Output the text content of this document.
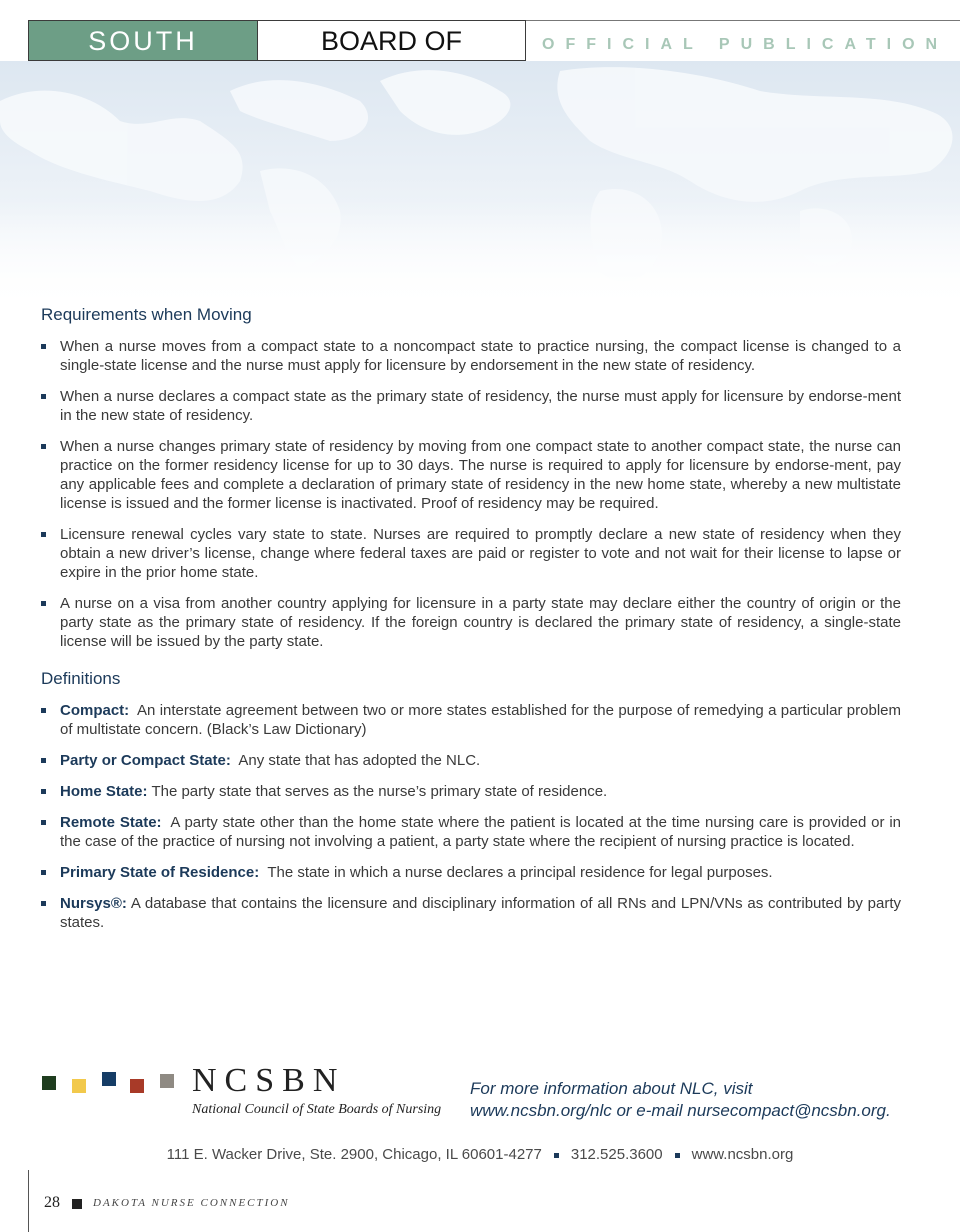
SOUTH	BOARD OF	OFFICIAL PUBLICATION
Requirements when Moving
When a nurse moves from a compact state to a noncompact state to practice nursing, the compact license is changed to a single-state license and the nurse must apply for licensure by endorsement in the new state of residency.
When a nurse declares a compact state as the primary state of residency, the nurse must apply for licensure by endorse-ment in the new state of residency.
When a nurse changes primary state of residency by moving from one compact state to another compact state, the nurse can practice on the former residency license for up to 30 days. The nurse is required to apply for licensure by endorse-ment, pay any applicable fees and complete a declaration of primary state of residency in the new home state, whereby a new multistate license is issued and the former license is inactivated. Proof of residency may be required.
Licensure renewal cycles vary state to state. Nurses are required to promptly declare a new state of residency when they obtain a new driver’s license, change where federal taxes are paid or register to vote and not wait for their license to lapse or expire in the prior home state.
A nurse on a visa from another country applying for licensure in a party state may declare either the country of origin or the party state as the primary state of residency. If the foreign country is declared the primary state of residency, a single-state license will be issued by the party state.
Definitions
Compact: An interstate agreement between two or more states established for the purpose of remedying a particular problem of multistate concern. (Black’s Law Dictionary)
Party or Compact State: Any state that has adopted the NLC.
Home State: The party state that serves as the nurse’s primary state of residence.
Remote State: A party state other than the home state where the patient is located at the time nursing care is provided or in the case of the practice of nursing not involving a patient, a party state where the recipient of nursing practice is located.
Primary State of Residence: The state in which a nurse declares a principal residence for legal purposes.
Nursys®: A database that contains the licensure and disciplinary information of all RNs and LPN/VNs as contributed by party states.
NCSBN
National Council of State Boards of Nursing
For more information about NLC, visit
www.ncsbn.org/nlc or e-mail nursecompact@ncsbn.org.
111 E. Wacker Drive, Ste. 2900, Chicago, IL 60601-4277 312.525.3600 www.ncsbn.org
28	DAKOTA NURSE CONNECTION
